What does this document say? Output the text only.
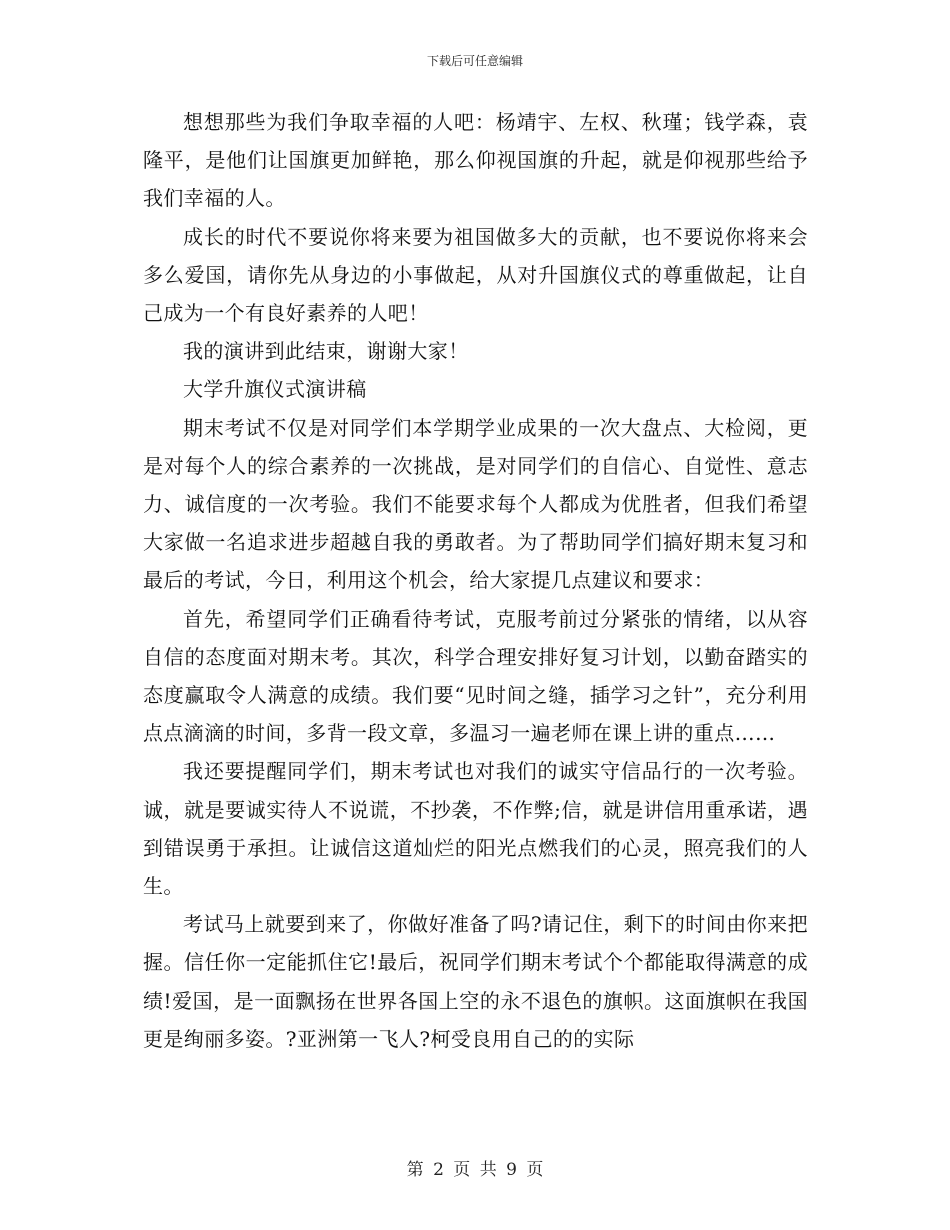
下载后可任意编辑

想想那些为我们争取幸福的人吧：杨靖宇、左权、秋瑾；钱学森，袁隆平，是他们让国旗更加鲜艳，那么仰视国旗的升起，就是仰视那些给予我们幸福的人。

成长的时代不要说你将来要为祖国做多大的贡献，也不要说你将来会多么爱国，请你先从身边的小事做起，从对升国旗仪式的尊重做起，让自己成为一个有良好素养的人吧！

我的演讲到此结束，谢谢大家！

大学升旗仪式演讲稿

期末考试不仅是对同学们本学期学业成果的一次大盘点、大检阅，更是对每个人的综合素养的一次挑战，是对同学们的自信心、自觉性、意志力、诚信度的一次考验。我们不能要求每个人都成为优胜者，但我们希望大家做一名追求进步超越自我的勇敢者。为了帮助同学们搞好期末复习和最后的考试，今日，利用这个机会，给大家提几点建议和要求：

首先，希望同学们正确看待考试，克服考前过分紧张的情绪，以从容自信的态度面对期末考。其次，科学合理安排好复习计划，以勤奋踏实的态度赢取令人满意的成绩。我们要“见时间之缝，插学习之针”，充分利用点点滴滴的时间，多背一段文章，多温习一遍老师在课上讲的重点……

我还要提醒同学们，期末考试也对我们的诚实守信品行的一次考验。诚，就是要诚实待人不说谎，不抄袭，不作弊;信，就是讲信用重承诺，遇到错误勇于承担。让诚信这道灿烂的阳光点燃我们的心灵，照亮我们的人生。

考试马上就要到来了，你做好准备了吗?请记住，剩下的时间由你来把握。信任你一定能抓住它!最后，祝同学们期末考试个个都能取得满意的成绩!爱国，是一面飘扬在世界各国上空的永不退色的旗帜。这面旗帜在我国更是绚丽多姿。?亚洲第一飞人?柯受良用自己的的实际

第 2 页 共 9 页
